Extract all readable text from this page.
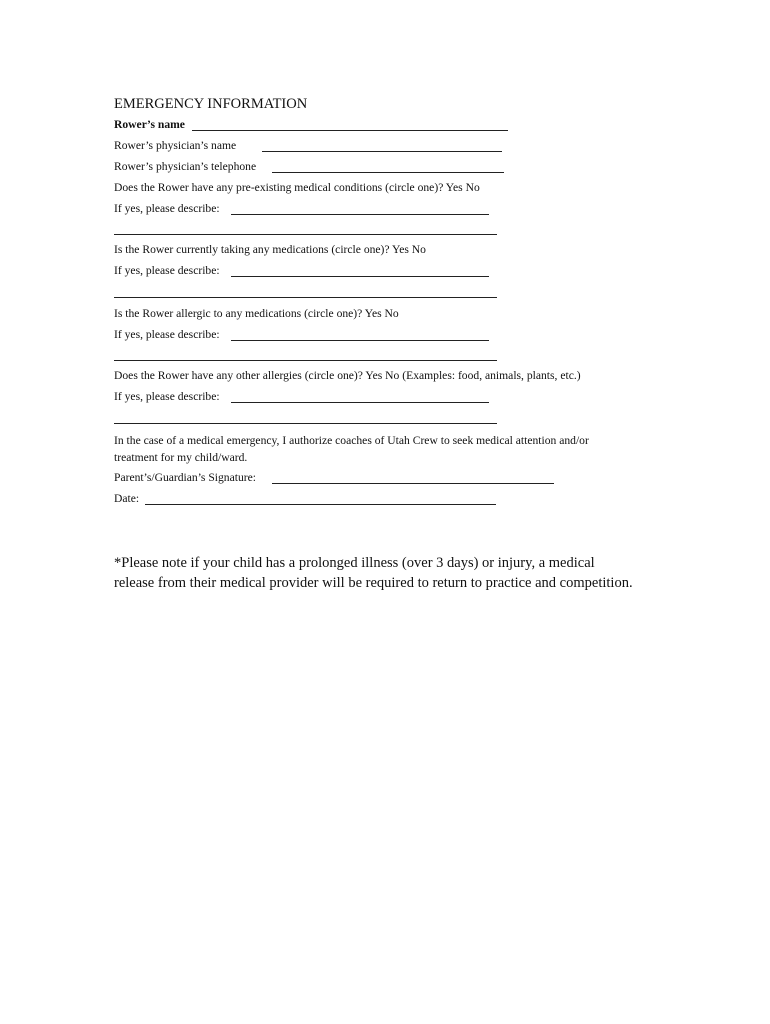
EMERGENCY INFORMATION
Rower’s name
Rower’s physician’s name
Rower’s physician’s telephone
Does the Rower have any pre-existing medical conditions (circle one)? Yes No
If yes, please describe:
Is the Rower currently taking any medications (circle one)? Yes No
If yes, please describe:
Is the Rower allergic to any medications (circle one)? Yes No
If yes, please describe:
Does the Rower have any other allergies (circle one)? Yes No (Examples: food, animals, plants, etc.)
If yes, please describe:
In the case of a medical emergency, I authorize coaches of Utah Crew to seek medical attention and/or
treatment for my child/ward.
Parent’s/Guardian’s Signature:
Date:
*Please note if your child has a prolonged illness (over 3 days) or injury, a medical
release from their medical provider will be required to return to practice and competition.
